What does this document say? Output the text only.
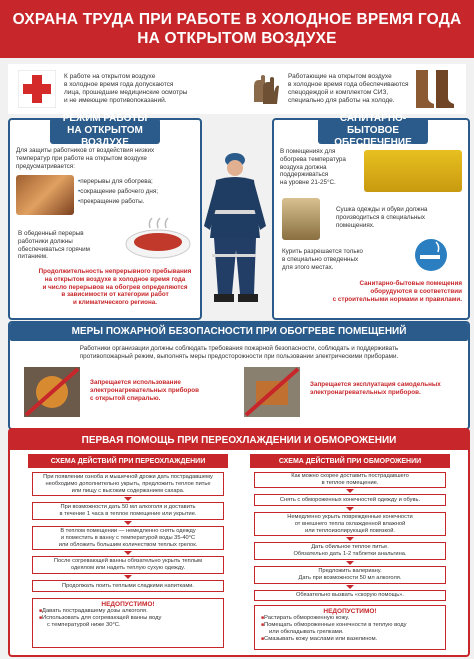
ОХРАНА ТРУДА ПРИ РАБОТЕ В ХОЛОДНОЕ ВРЕМЯ ГОДА
НА ОТКРЫТОМ ВОЗДУХЕ
К работе на открытом воздухе
в холодное время года допускаются
лица, прошедшие медицинские осмотры
и не имеющие противопоказаний.
Работающие на открытом воздухе
в холодное время года обеспечиваются
спецодеждой и комплектом СИЗ,
специально для работы на холоде.
РЕЖИМ РАБОТЫ
НА ОТКРЫТОМ ВОЗДУХЕ
Для защиты работников от воздействия низких
температур при работе на открытом воздухе
предусматривается:
• перерывы для обогрева;
• сокращение рабочего дня;
• прекращение работы.
В обеденный перерыв
работники должны
обеспечиваться горячим
питанием.
Продолжительность непрерывного пребывания
на открытом воздухе в холодное время года
и число перерывов на обогрев определяются
в зависимости от категории работ
и климатического региона.
САНИТАРНО-БЫТОВОЕ
ОБЕСПЕЧЕНИЕ
В помещениях для
обогрева температура
воздуха должна
поддерживаться
на уровне 21-25°С.
Сушка одежды и обуви должна
производиться в специальных
помещениях.
Курить разрешается только
в специально отведенных
для этого местах.
Санитарно-бытовые помещения
оборудуются в соответствии
с строительными нормами и правилами.
МЕРЫ ПОЖАРНОЙ БЕЗОПАСНОСТИ ПРИ ОБОГРЕВЕ ПОМЕЩЕНИЙ
Работники организации должны соблюдать требования пожарной безопасности, соблюдать и поддерживать
противопожарный режим, выполнять меры предосторожности при пользовании электрическими приборами.
Запрещается использование
электронагревательных приборов
с открытой спиралью.
Запрещается эксплуатация самодельных
электронагревательных приборов.
ПЕРВАЯ ПОМОЩЬ ПРИ ПЕРЕОХЛАЖДЕНИИ И ОБМОРОЖЕНИИ
СХЕМА ДЕЙСТВИЙ ПРИ ПЕРЕОХЛАЖДЕНИИ
При появлении озноба и мышечной дрожи дать пострадавшему
необходимо дополнительно укрыть, предложить теплое питье
или пищу с высоким содержанием сахара.
При возможности дать 50 мл алкоголя и доставить
в течение 1 часа в теплое помещение или укрытие.
В теплом помещении — немедленно снять одежду
и поместить в ванну с температурой воды 35-40°С
или обложить большим количеством теплых грелок.
После согревающей ванны обязательно укрыть теплым
одеялом или надеть теплую сухую одежду.
Продолжать поить теплыми сладкими напитками.
НЕДОПУСТИМО!
■ Давать пострадавшему дозы алкоголя.
■ Использовать для согревающей ванны воду
с температурой ниже 30°С.
СХЕМА ДЕЙСТВИЙ ПРИ ОБМОРОЖЕНИИ
Как можно скорее доставить пострадавшего
в теплое помещение.
Снять с обмороженных конечностей одежду и обувь.
Немедленно укрыть поврежденные конечности
от внешнего тепла охлажденной влажной
или теплоизолирующей повязкой.
Дать обильное теплое питье.
Обязательно дать 1-2 таблетки анальгина.
Предложить валериану.
Дать при возможности 50 мл алкоголя.
Обязательно вызвать «скорую помощь».
НЕДОПУСТИМО!
■ Растирать обмороженную кожу.
■ Помещать обмороженные конечности в теплую воду
или обкладывать грелками.
■ Смазывать кожу маслами или вазелином.
